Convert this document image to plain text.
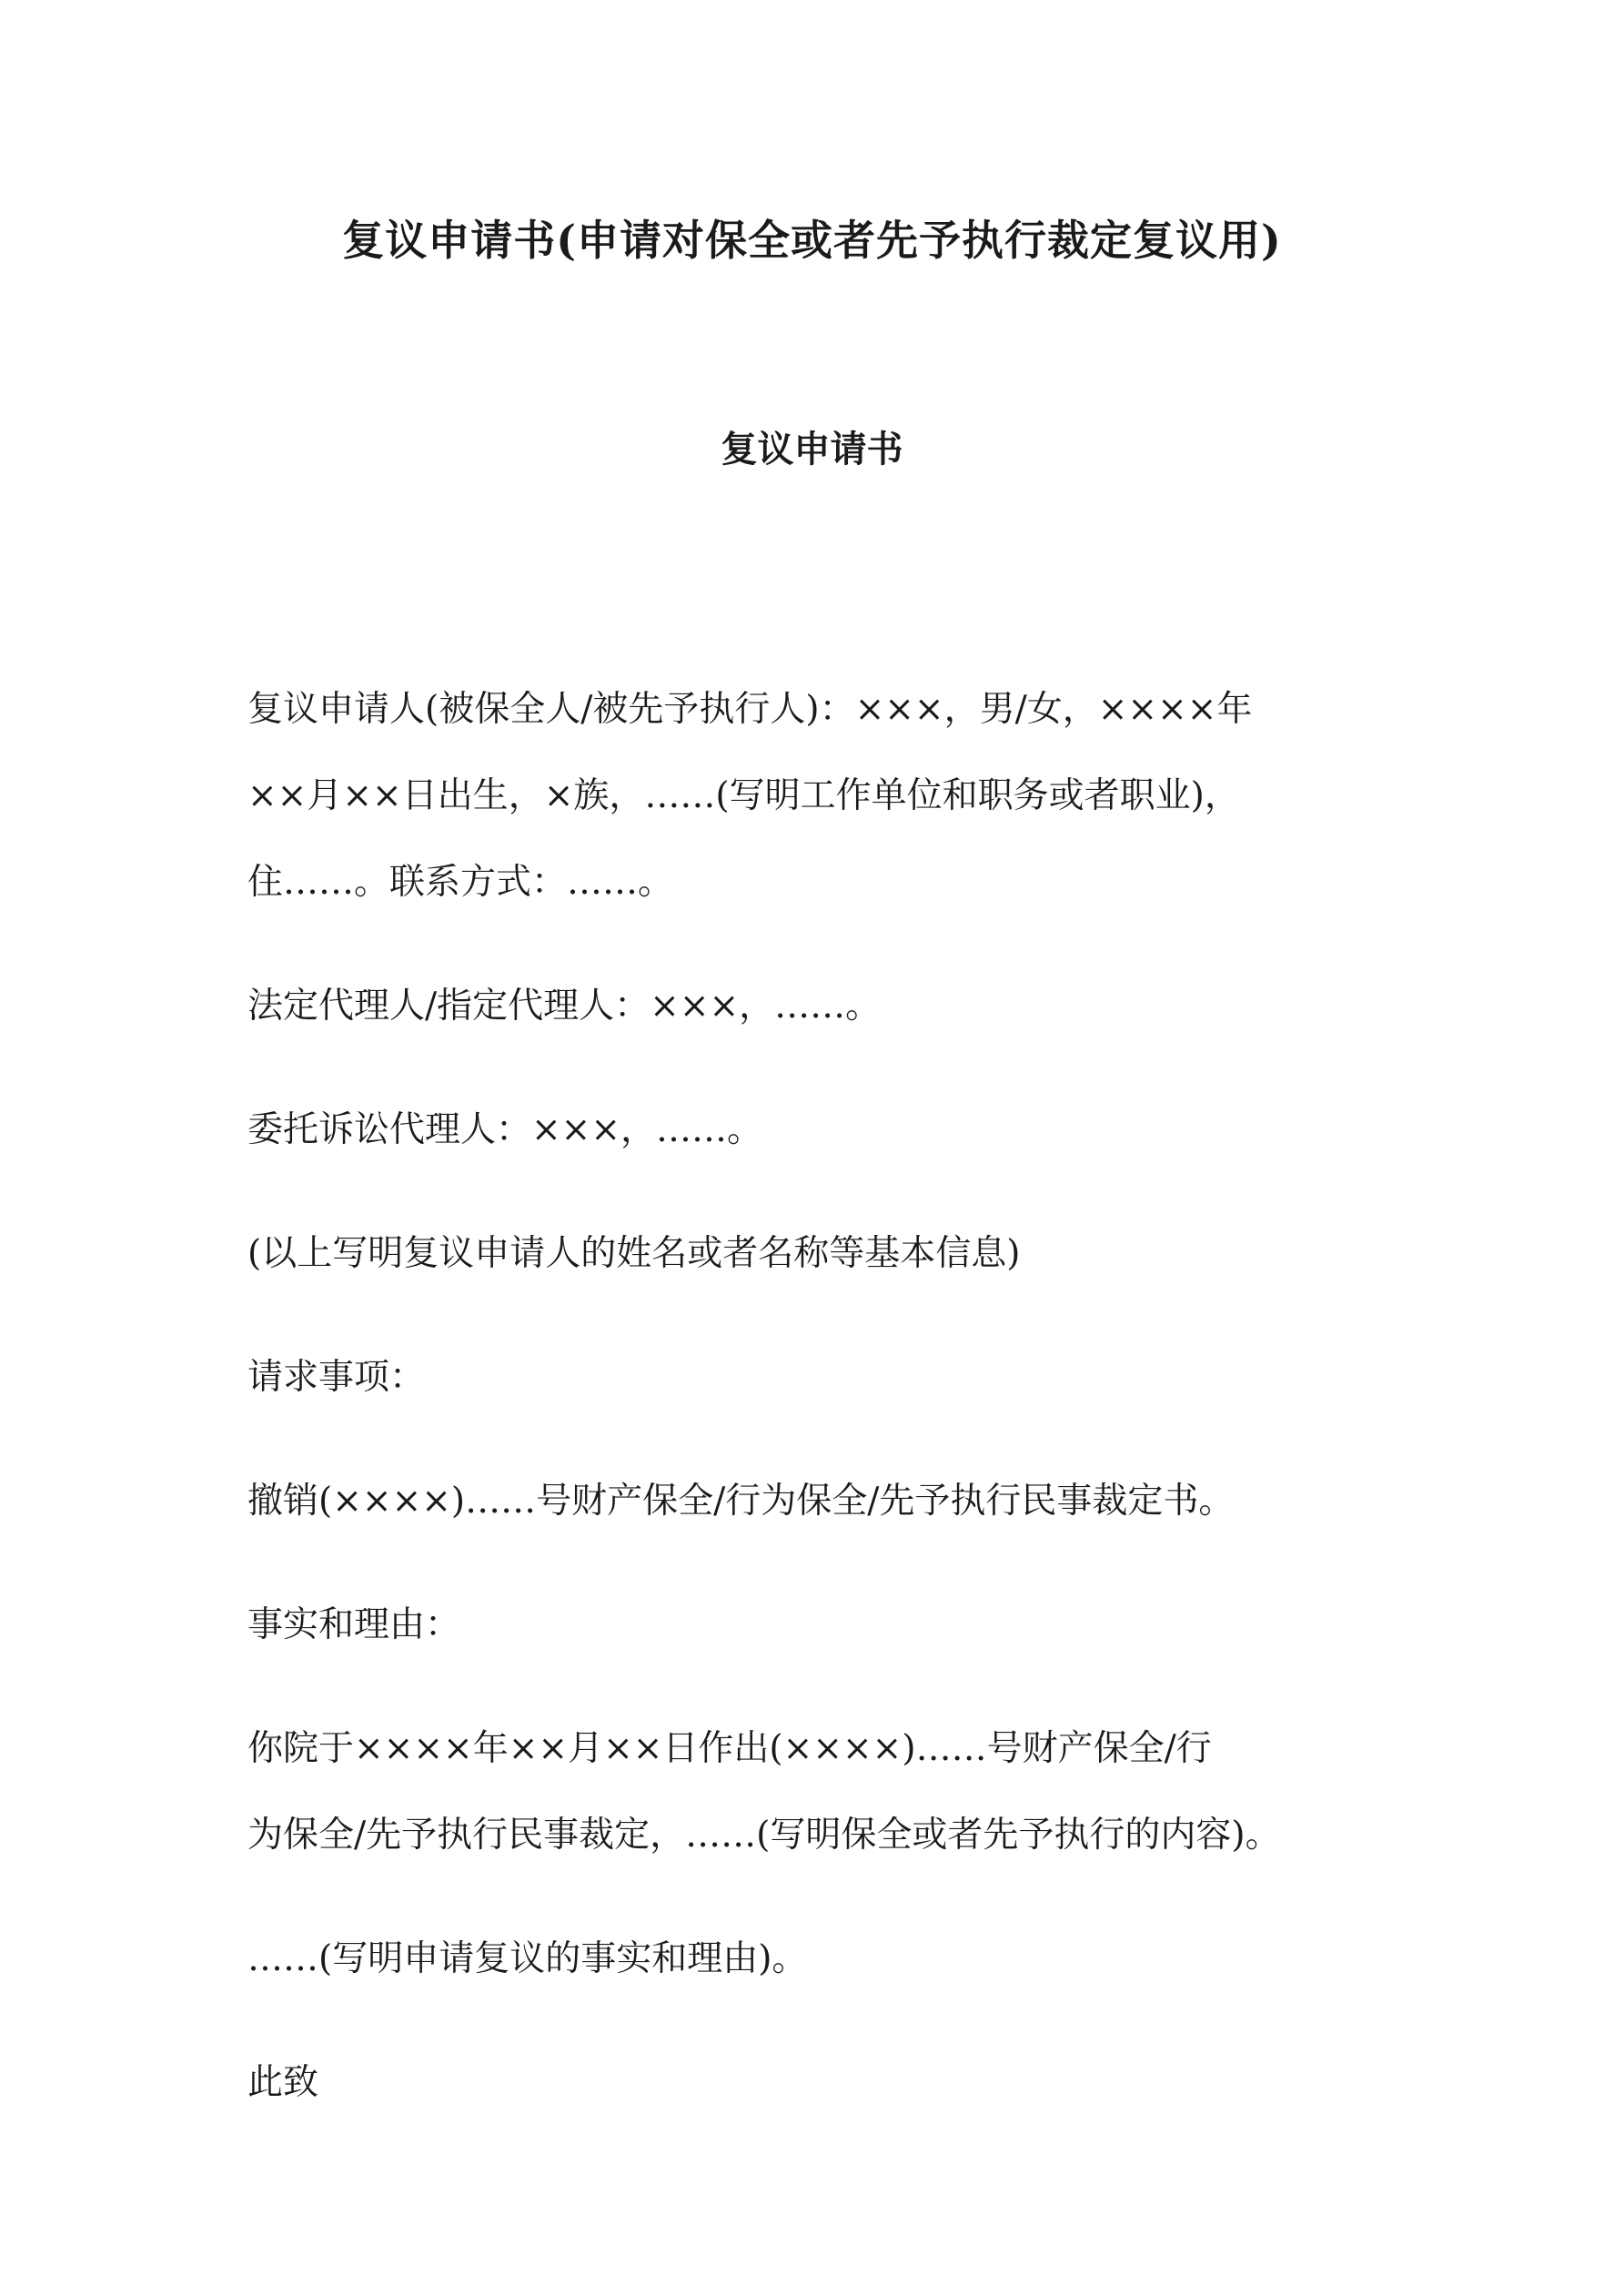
复议申请书(申请对保全或者先予执行裁定复议用)
复议申请书

复议申请人(被保全人/被先予执行人)：×××，男/女，××××年
××月××日出生，×族，……(写明工作单位和职务或者职业)，
住……。联系方式：……。

法定代理人/指定代理人：×××，……。

委托诉讼代理人：×××，……。

(以上写明复议申请人的姓名或者名称等基本信息)

请求事项：

撤销(××××)……号财产保全/行为保全/先予执行民事裁定书。

事实和理由：

你院于××××年××月××日作出(××××)……号财产保全/行
为保全/先予执行民事裁定，……(写明保全或者先予执行的内容)。

……(写明申请复议的事实和理由)。

此致
